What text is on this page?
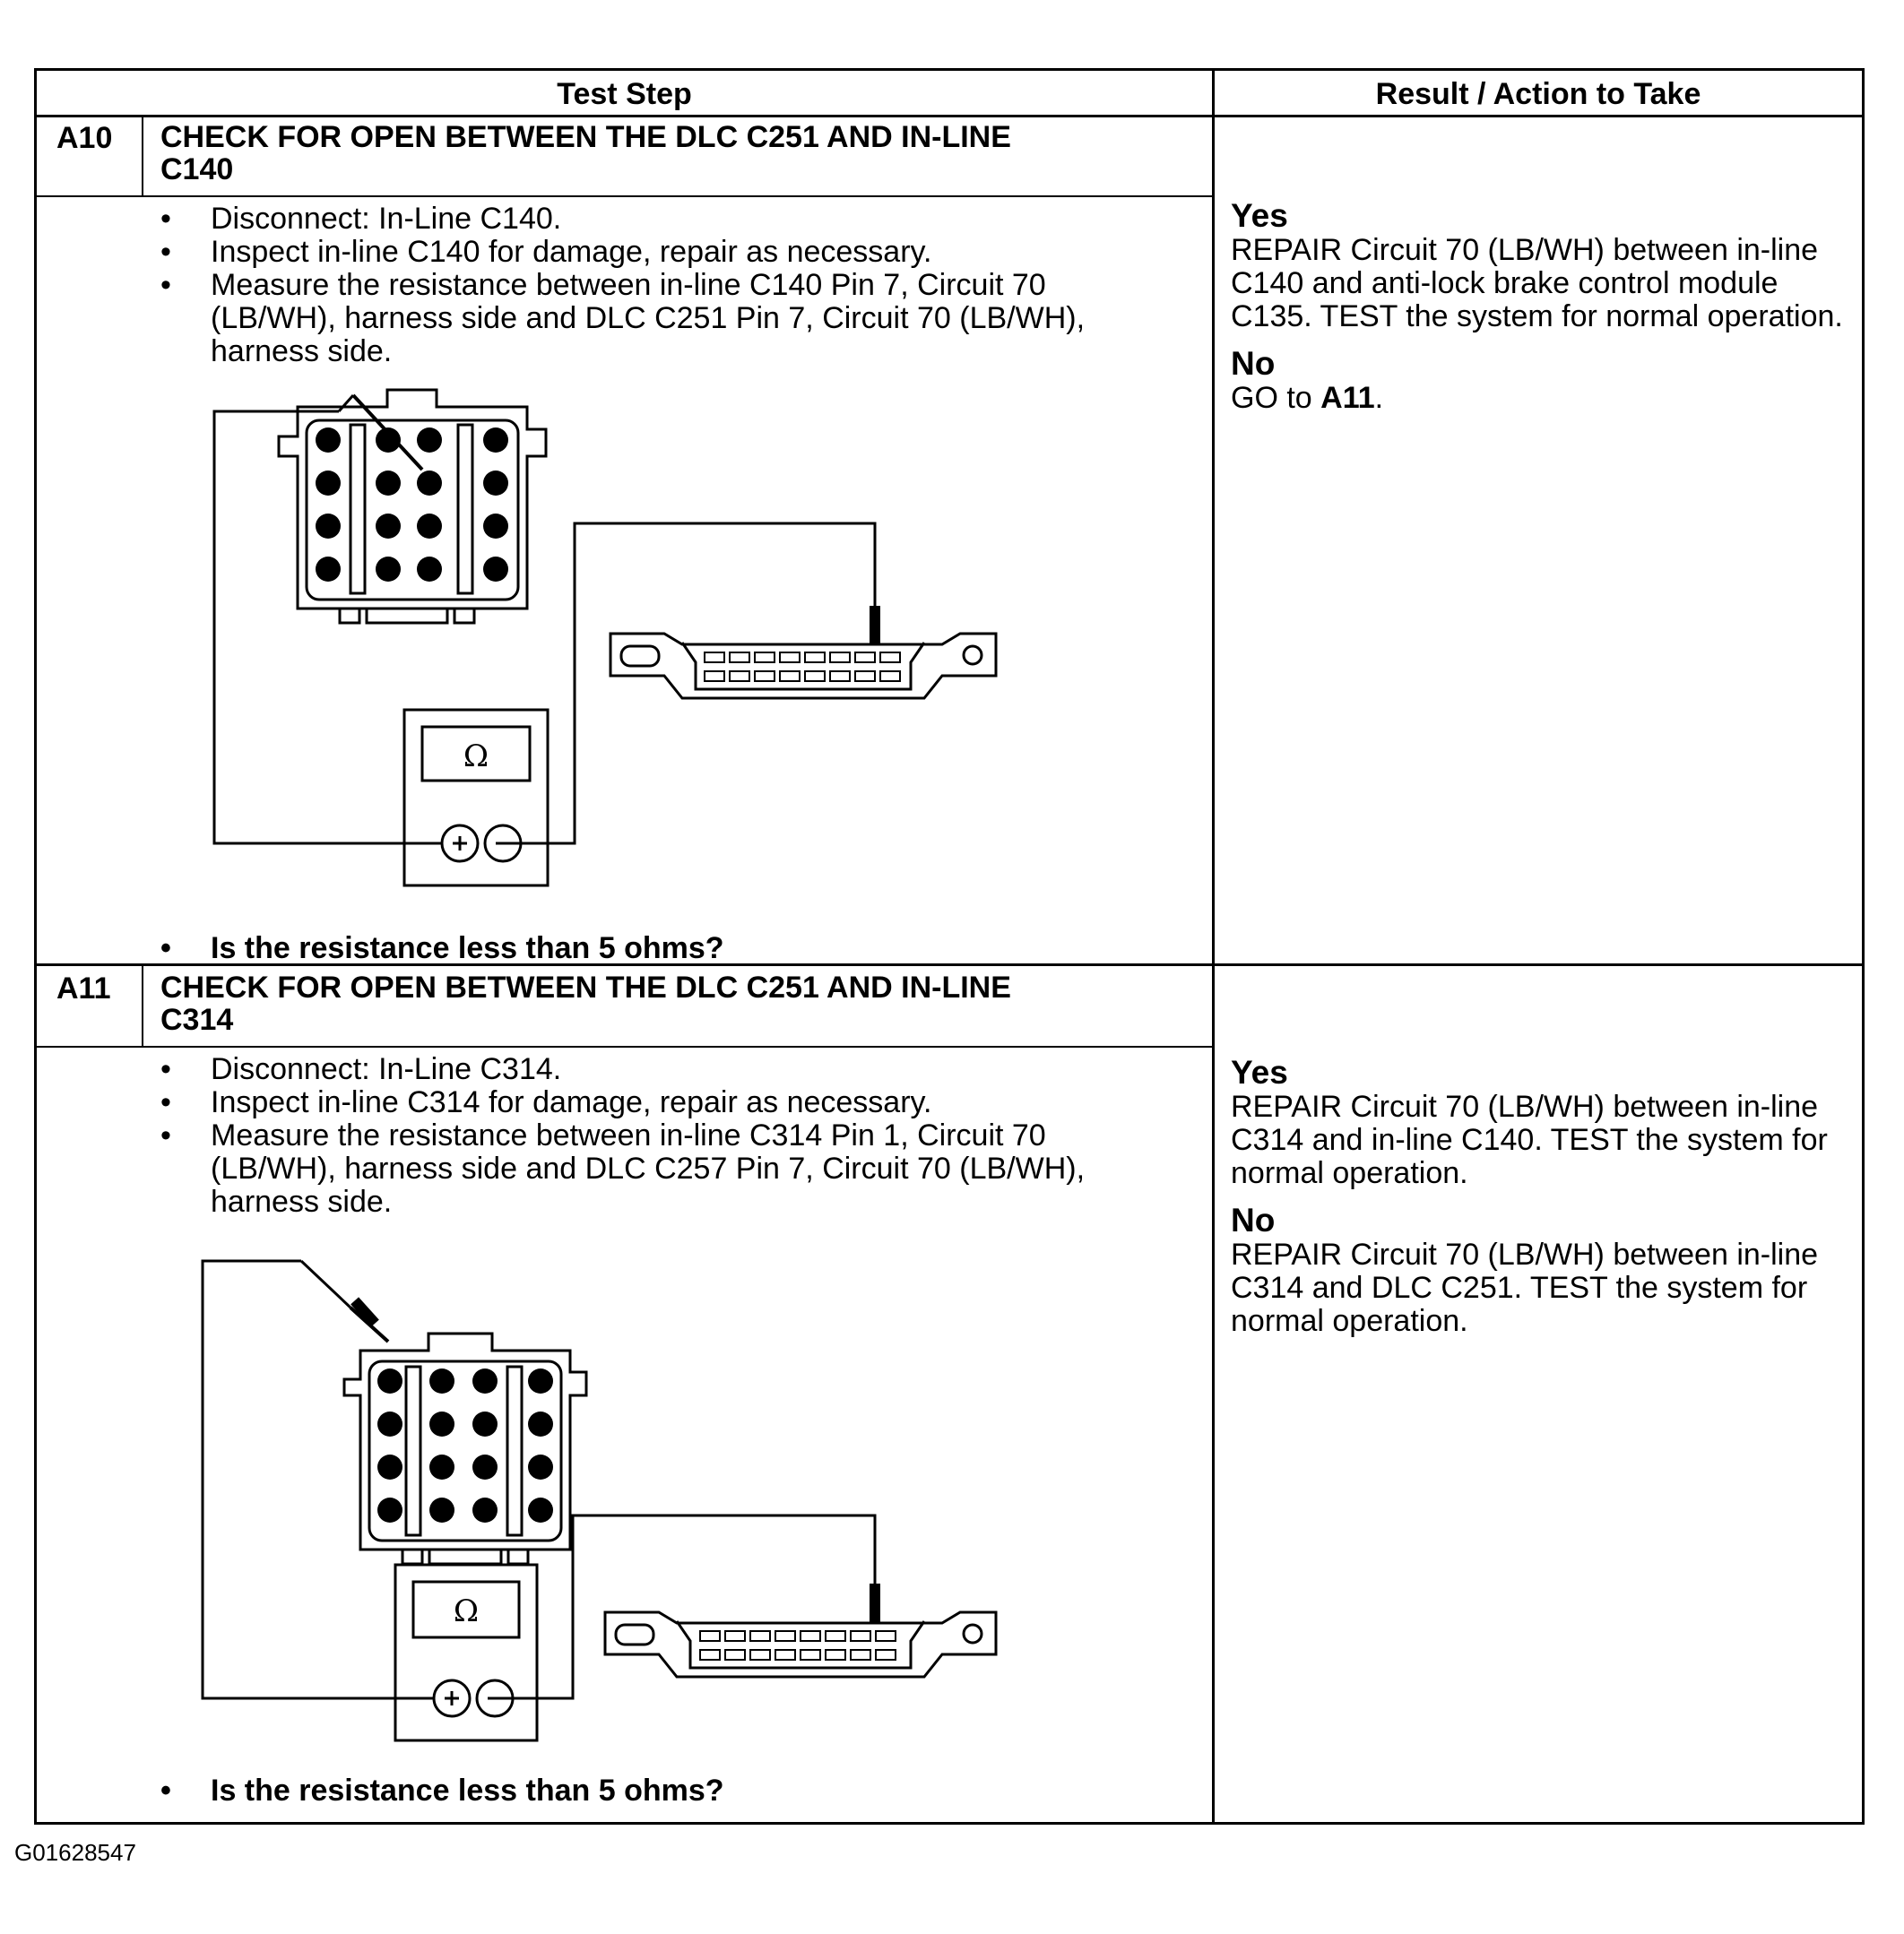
Test Step	Result / Action to Take
A10 CHECK FOR OPEN BETWEEN THE DLC C251 AND IN-LINE C140
• Disconnect: In-Line C140.
• Inspect in-line C140 for damage, repair as necessary.
• Measure the resistance between in-line C140 Pin 7, Circuit 70 (LB/WH), harness side and DLC C251 Pin 7, Circuit 70 (LB/WH), harness side.
Ω
• Is the resistance less than 5 ohms?
Yes
REPAIR Circuit 70 (LB/WH) between in-line C140 and anti-lock brake control module C135. TEST the system for normal operation.
No
GO to A11.
A11 CHECK FOR OPEN BETWEEN THE DLC C251 AND IN-LINE C314
• Disconnect: In-Line C314.
• Inspect in-line C314 for damage, repair as necessary.
• Measure the resistance between in-line C314 Pin 1, Circuit 70 (LB/WH), harness side and DLC C257 Pin 7, Circuit 70 (LB/WH), harness side.
Ω
• Is the resistance less than 5 ohms?
Yes
REPAIR Circuit 70 (LB/WH) between in-line C314 and in-line C140. TEST the system for normal operation.
No
REPAIR Circuit 70 (LB/WH) between in-line C314 and DLC C251. TEST the system for normal operation.
G01628547
